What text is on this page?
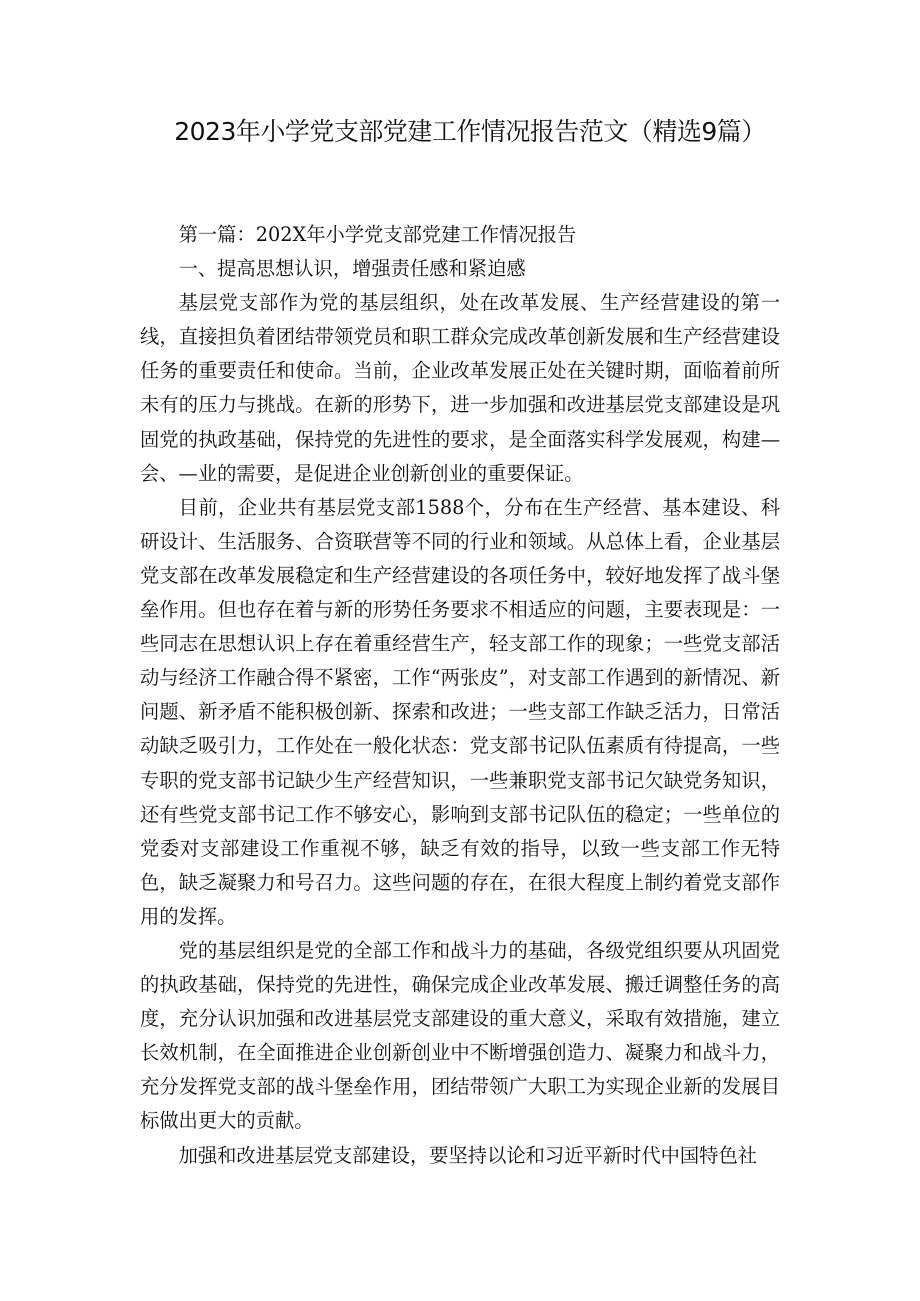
2023年小学党支部党建工作情况报告范文（精选9篇）

第一篇：202X年小学党支部党建工作情况报告

一、提高思想认识，增强责任感和紧迫感

基层党支部作为党的基层组织，处在改革发展、生产经营建设的第一线，直接担负着团结带领党员和职工群众完成改革创新发展和生产经营建设任务的重要责任和使命。当前，企业改革发展正处在关键时期，面临着前所未有的压力与挑战。在新的形势下，进一步加强和改进基层党支部建设是巩固党的执政基础，保持党的先进性的要求，是全面落实科学发展观，构建—会、—业的需要，是促进企业创新创业的重要保证。

目前，企业共有基层党支部1588个，分布在生产经营、基本建设、科研设计、生活服务、合资联营等不同的行业和领域。从总体上看，企业基层党支部在改革发展稳定和生产经营建设的各项任务中，较好地发挥了战斗堡垒作用。但也存在着与新的形势任务要求不相适应的问题，主要表现是：一些同志在思想认识上存在着重经营生产，轻支部工作的现象；一些党支部活动与经济工作融合得不紧密，工作“两张皮”，对支部工作遇到的新情况、新问题、新矛盾不能积极创新、探索和改进；一些支部工作缺乏活力，日常活动缺乏吸引力，工作处在一般化状态：党支部书记队伍素质有待提高，一些专职的党支部书记缺少生产经营知识，一些兼职党支部书记欠缺党务知识，还有些党支部书记工作不够安心，影响到支部书记队伍的稳定；一些单位的党委对支部建设工作重视不够，缺乏有效的指导，以致一些支部工作无特色，缺乏凝聚力和号召力。这些问题的存在，在很大程度上制约着党支部作用的发挥。

党的基层组织是党的全部工作和战斗力的基础，各级党组织要从巩固党的执政基础，保持党的先进性，确保完成企业改革发展、搬迁调整任务的高度，充分认识加强和改进基层党支部建设的重大意义，采取有效措施，建立长效机制，在全面推进企业创新创业中不断增强创造力、凝聚力和战斗力，充分发挥党支部的战斗堡垒作用，团结带领广大职工为实现企业新的发展目标做出更大的贡献。

加强和改进基层党支部建设，要坚持以论和习近平新时代中国特色社
